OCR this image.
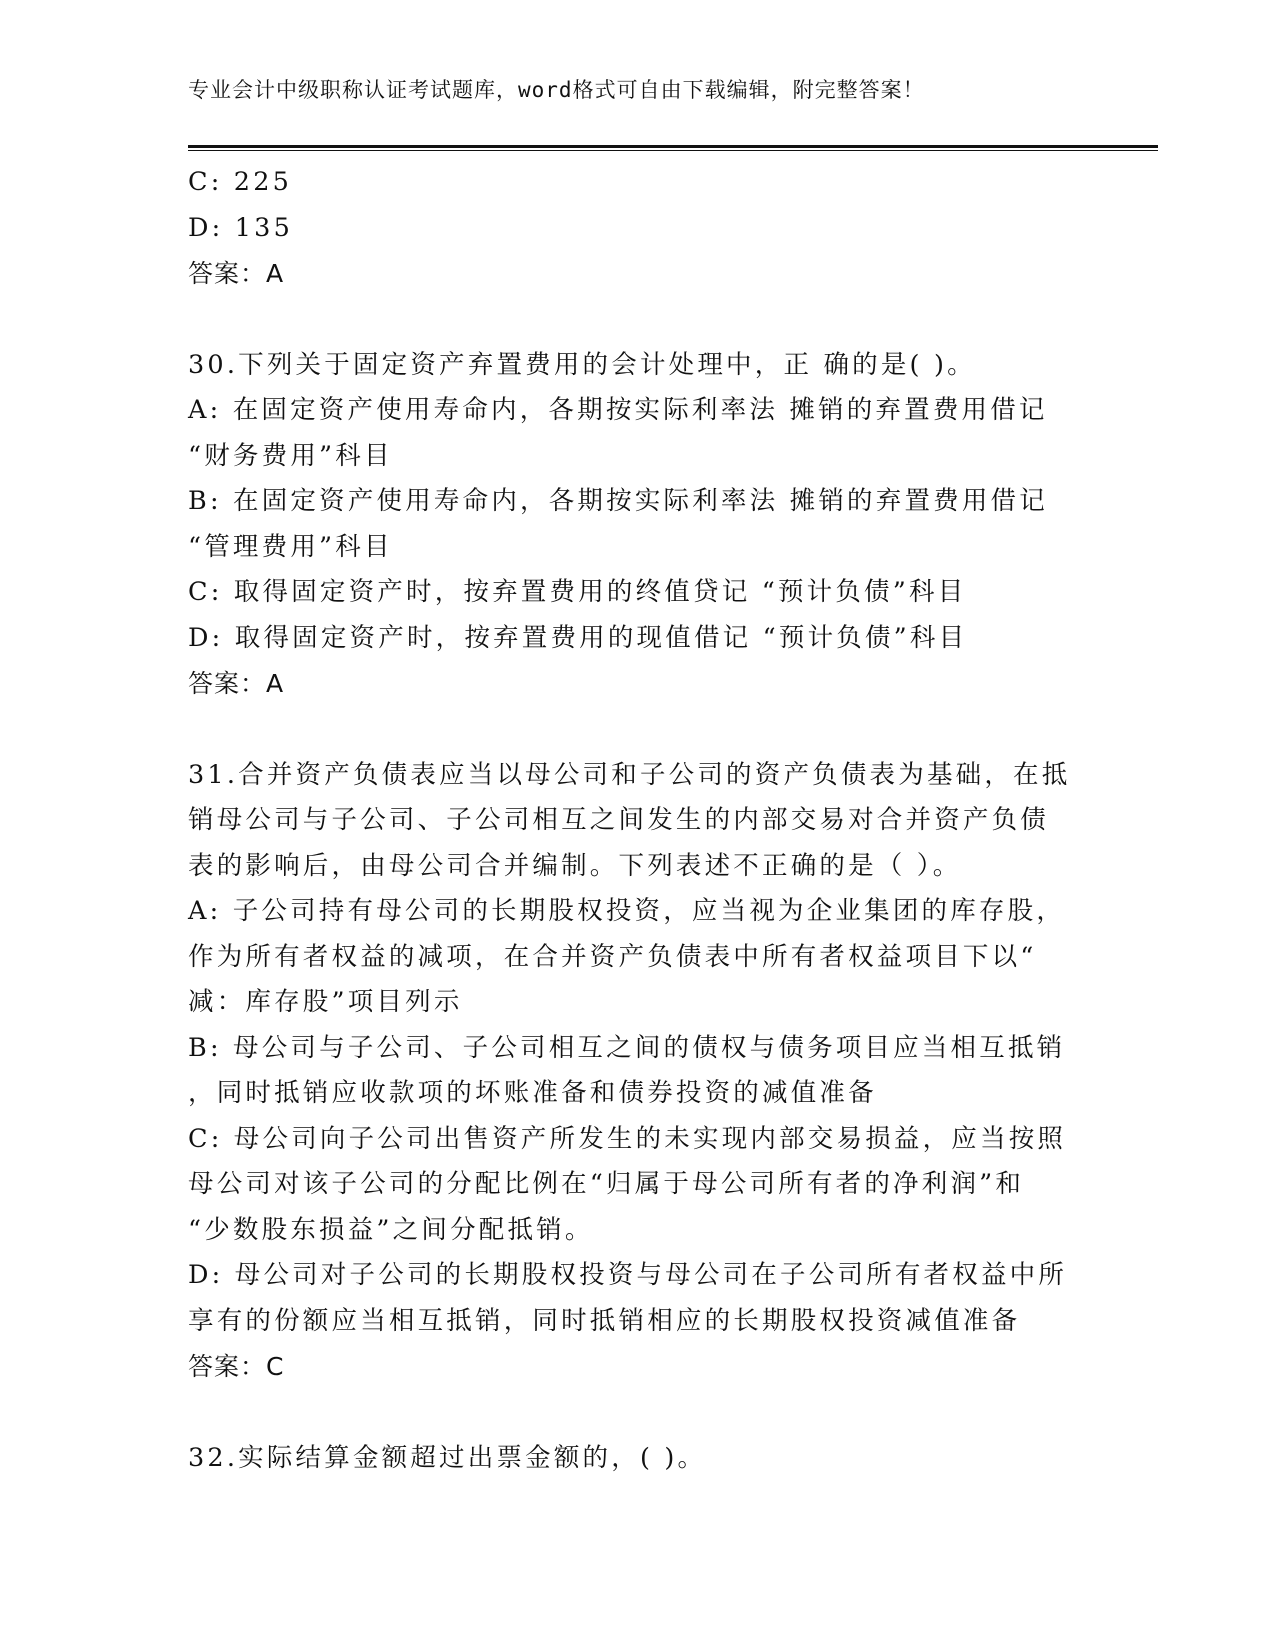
专业会计中级职称认证考试题库，word格式可自由下载编辑，附完整答案！
C: 225
D: 135
答案：A
30.下列关于固定资产弃置费用的会计处理中，正 确的是( )。
A: 在固定资产使用寿命内，各期按实际利率法 摊销的弃置费用借记
“财务费用”科目
B: 在固定资产使用寿命内，各期按实际利率法 摊销的弃置费用借记
“管理费用”科目
C: 取得固定资产时，按弃置费用的终值贷记 “预计负债”科目
D: 取得固定资产时，按弃置费用的现值借记 “预计负债”科目
答案：A
31.合并资产负债表应当以母公司和子公司的资产负债表为基础，在抵
销母公司与子公司、子公司相互之间发生的内部交易对合并资产负债
表的影响后，由母公司合并编制。下列表述不正确的是（ ）。
A: 子公司持有母公司的长期股权投资，应当视为企业集团的库存股，
作为所有者权益的减项，在合并资产负债表中所有者权益项目下以“
减：库存股”项目列示
B: 母公司与子公司、子公司相互之间的债权与债务项目应当相互抵销
，同时抵销应收款项的坏账准备和债券投资的减值准备
C: 母公司向子公司出售资产所发生的未实现内部交易损益，应当按照
母公司对该子公司的分配比例在“归属于母公司所有者的净利润”和
“少数股东损益”之间分配抵销。
D: 母公司对子公司的长期股权投资与母公司在子公司所有者权益中所
享有的份额应当相互抵销，同时抵销相应的长期股权投资减值准备
答案：C
32.实际结算金额超过出票金额的，( )。
